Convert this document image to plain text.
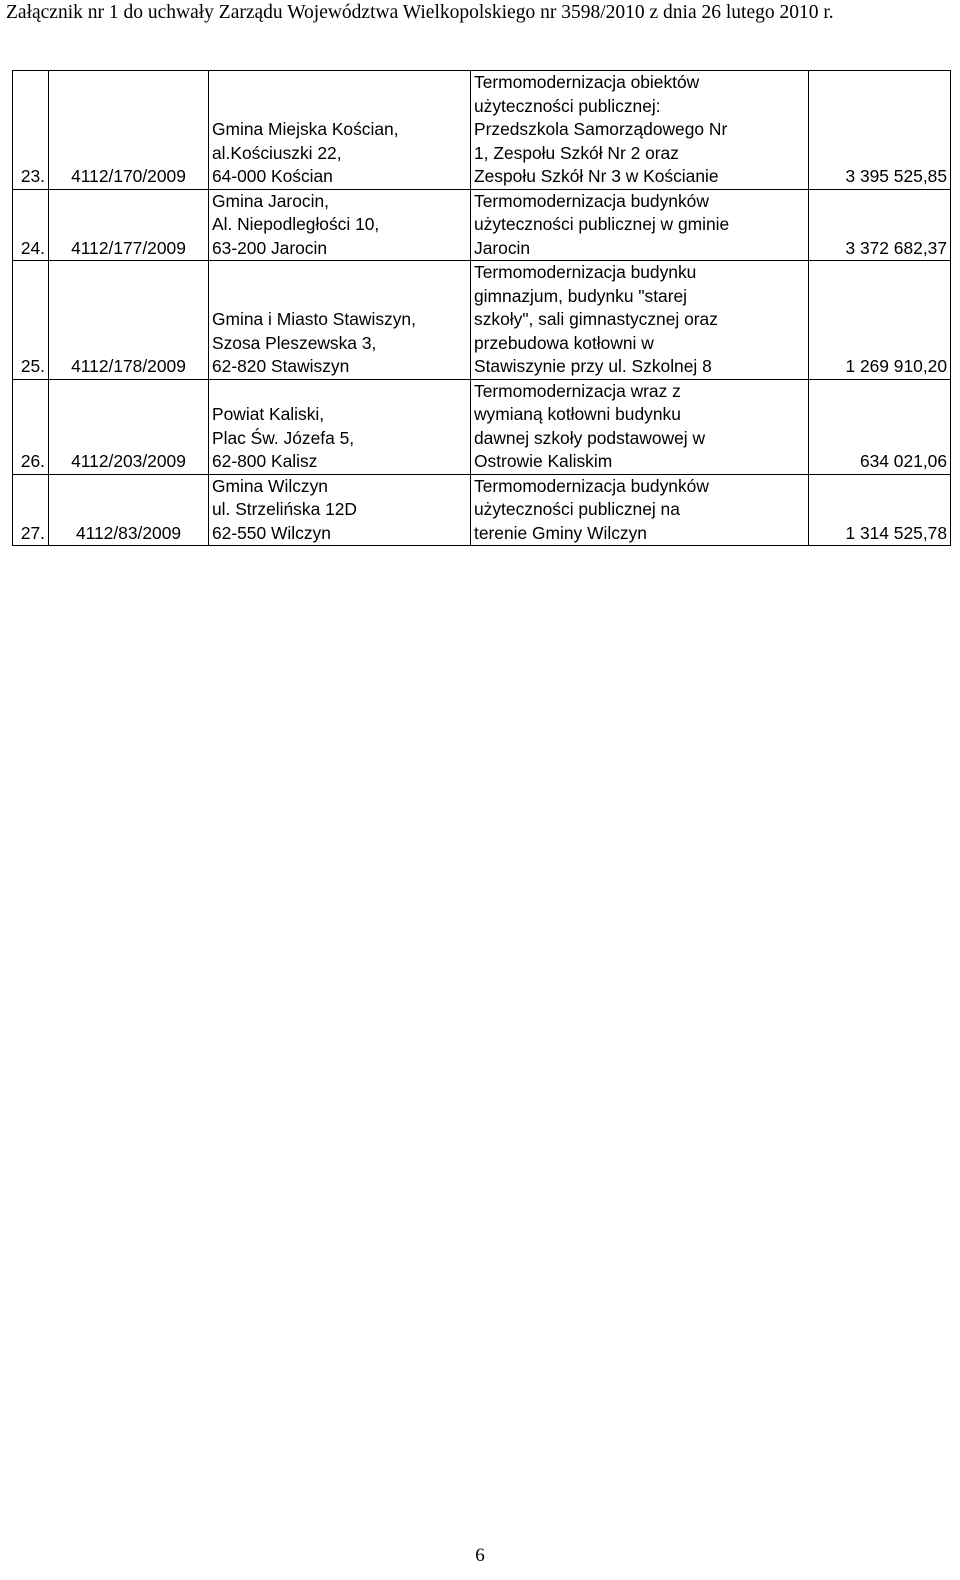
Załącznik nr 1 do uchwały Zarządu Województwa Wielkopolskiego nr 3598/2010 z dnia 26 lutego 2010 r.
23.	4112/170/2009	Gmina Miejska Kościan,
al.Kościuszki 22,
64-000 Kościan	Termomodernizacja obiektów
użyteczności publicznej:
Przedszkola Samorządowego Nr
1, Zespołu Szkół Nr 2 oraz
Zespołu Szkół Nr 3 w Kościanie	3 395 525,85
24.	4112/177/2009	Gmina Jarocin,
Al. Niepodległości 10,
63-200 Jarocin	Termomodernizacja budynków
użyteczności publicznej w gminie
Jarocin	3 372 682,37
25.	4112/178/2009	Gmina i Miasto Stawiszyn,
Szosa Pleszewska 3,
62-820 Stawiszyn	Termomodernizacja budynku
gimnazjum, budynku "starej
szkoły", sali gimnastycznej oraz
przebudowa kotłowni w
Stawiszynie przy ul. Szkolnej 8	1 269 910,20
26.	4112/203/2009	Powiat Kaliski,
Plac Św. Józefa 5,
62-800 Kalisz	Termomodernizacja wraz z
wymianą kotłowni budynku
dawnej szkoły podstawowej w
Ostrowie Kaliskim	634 021,06
27.	4112/83/2009	Gmina Wilczyn
ul. Strzelińska 12D
62-550 Wilczyn	Termomodernizacja budynków
użyteczności publicznej na
terenie Gminy Wilczyn	1 314 525,78
6
